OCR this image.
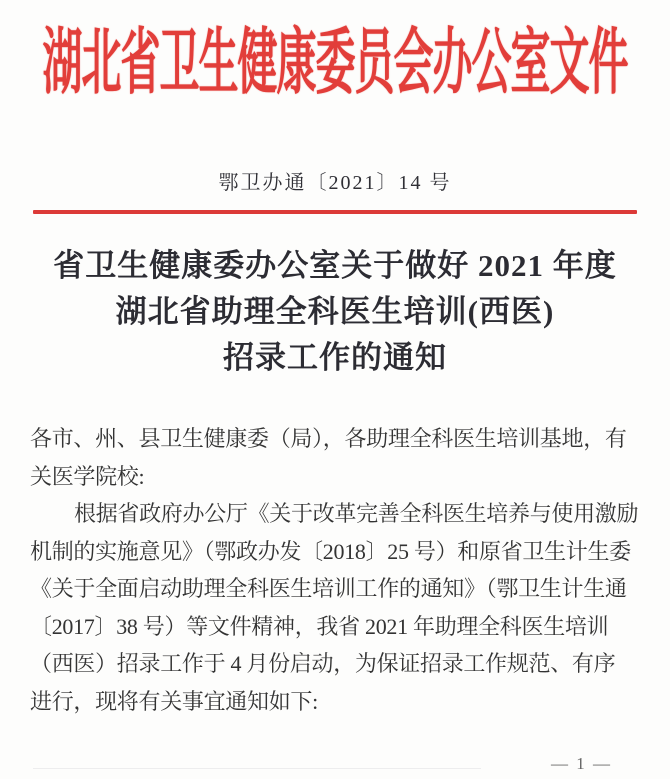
湖北省卫生健康委员会办公室文件
鄂卫办通〔2021〕14 号
省卫生健康委办公室关于做好 2021 年度
湖北省助理全科医生培训(西医)
招录工作的通知
各市、州、县卫生健康委（局），各助理全科医生培训基地，有
关医学院校:
根据省政府办公厅《关于改革完善全科医生培养与使用激励
机制的实施意见》（鄂政办发〔2018〕25 号）和原省卫生计生委
《关于全面启动助理全科医生培训工作的通知》（鄂卫生计生通
〔2017〕38 号）等文件精神，我省 2021 年助理全科医生培训
（西医）招录工作于 4 月份启动，为保证招录工作规范、有序
进行，现将有关事宜通知如下:
— 1 —
